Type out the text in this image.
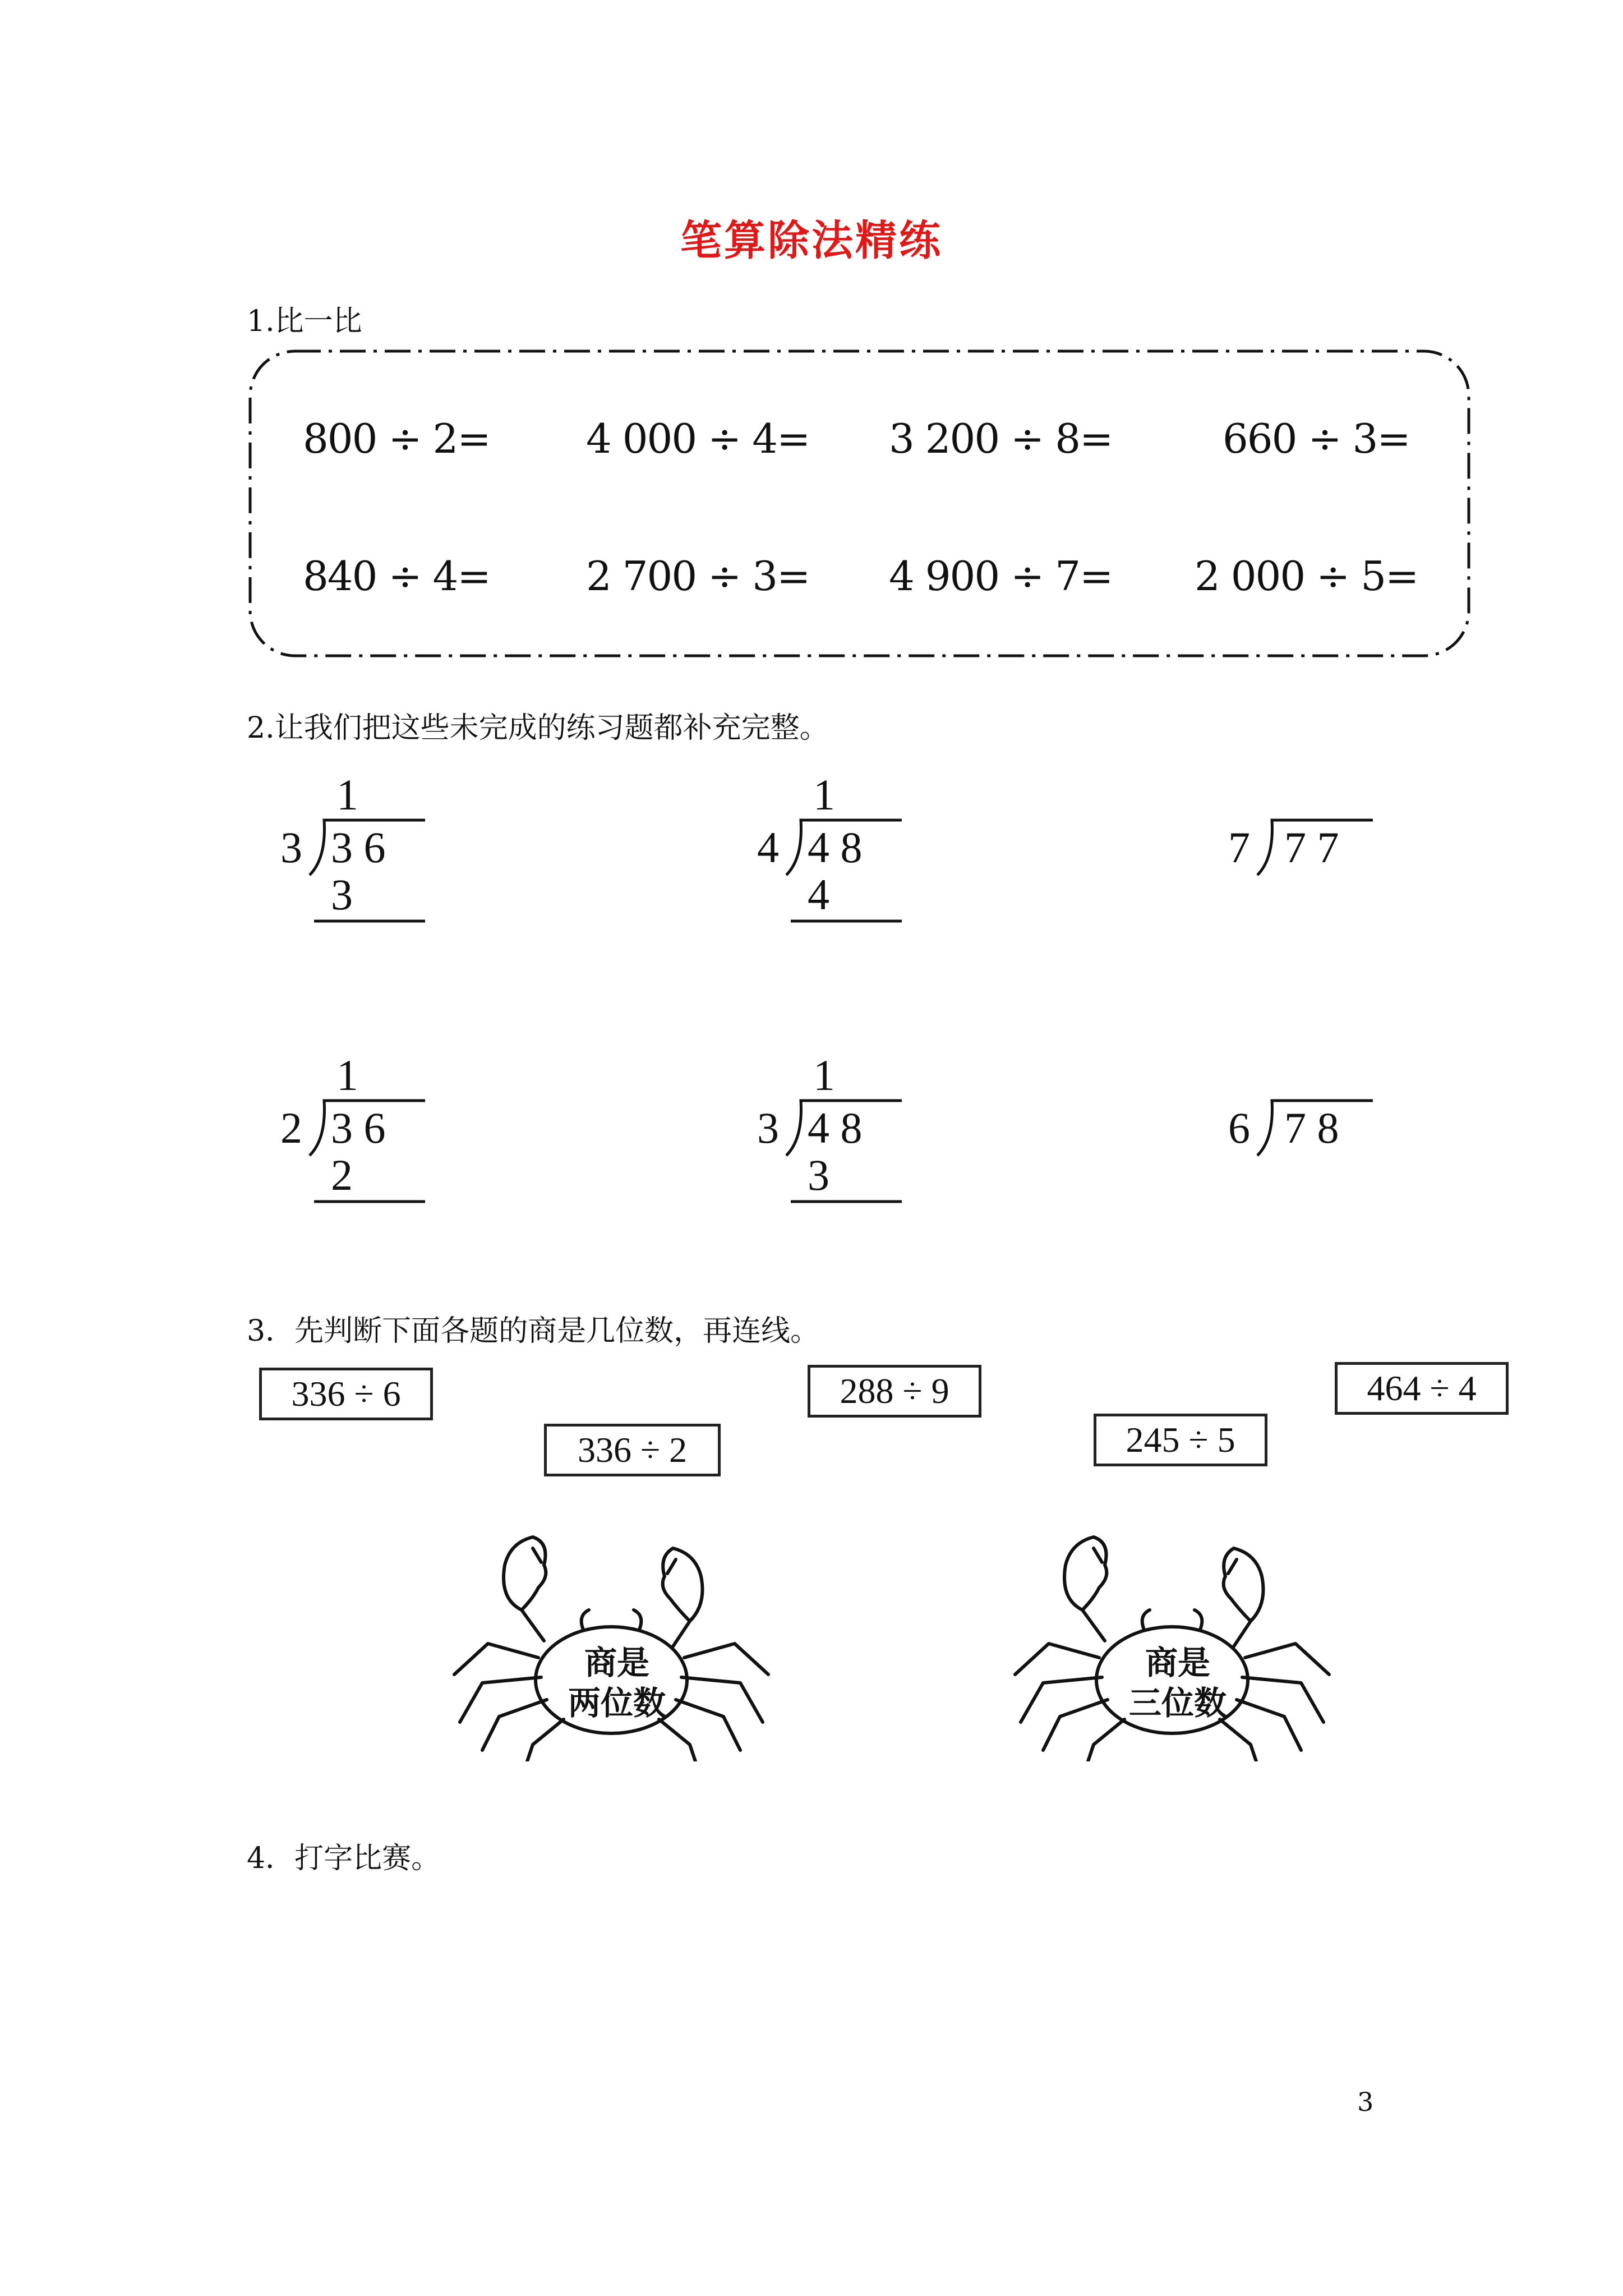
笔算除法精练
1.比一比
800 ÷ 2= 4 000 ÷ 4= 3 200 ÷ 8=	660 ÷ 3=
840 ÷ 4= 2 700 ÷ 3= 4 900 ÷ 7= 2 000 ÷ 5=
2.让我们把这些未完成的练习题都补充完整。
1
3 3 6
3
1
4 4 8
4
7 7 7
1
2 3 6
2
1
3 4 8
3
6 7 8
3．先判断下面各题的商是几位数，再连线。
336 ÷ 6
336 ÷ 2
288 ÷ 9
245 ÷ 5
464 ÷ 4
商是
两位数
商是
三位数
4．打字比赛。
3
